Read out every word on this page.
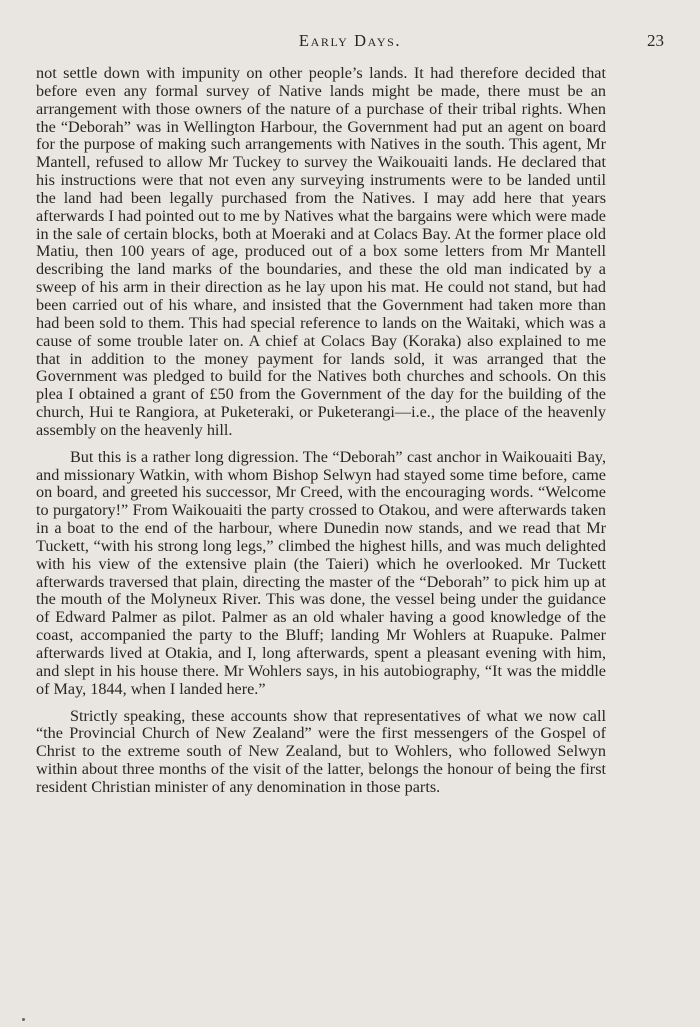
Early Days.	23

not settle down with impunity on other people’s lands. It had therefore decided that before even any formal survey of Native lands might be made, there must be an arrangement with those owners of the nature of a purchase of their tribal rights. When the “Deborah” was in Wellington Harbour, the Government had put an agent on board for the purpose of making such arrangements with Natives in the south. This agent, Mr Mantell, refused to allow Mr Tuckey to survey the Waikouaiti lands. He declared that his instructions were that not even any surveying instruments were to be landed until the land had been legally purchased from the Natives. I may add here that years afterwards I had pointed out to me by Natives what the bargains were which were made in the sale of certain blocks, both at Moeraki and at Colacs Bay. At the former place old Matiu, then 100 years of age, produced out of a box some letters from Mr Mantell describing the land marks of the boundaries, and these the old man indicated by a sweep of his arm in their direction as he lay upon his mat. He could not stand, but had been carried out of his whare, and insisted that the Government had taken more than had been sold to them. This had special reference to lands on the Waitaki, which was a cause of some trouble later on. A chief at Colacs Bay (Koraka) also explained to me that in addition to the money payment for lands sold, it was arranged that the Government was pledged to build for the Natives both churches and schools. On this plea I obtained a grant of £50 from the Government of the day for the building of the church, Hui te Rangiora, at Puketeraki, or Puketerangi—i.e., the place of the heavenly assembly on the heavenly hill.

But this is a rather long digression. The “Deborah” cast anchor in Waikouaiti Bay, and missionary Watkin, with whom Bishop Selwyn had stayed some time before, came on board, and greeted his successor, Mr Creed, with the encouraging words. “Welcome to purgatory!” From Waikouaiti the party crossed to Otakou, and were afterwards taken in a boat to the end of the harbour, where Dunedin now stands, and we read that Mr Tuckett, “with his strong long legs,” climbed the highest hills, and was much delighted with his view of the extensive plain (the Taieri) which he overlooked. Mr Tuckett afterwards traversed that plain, directing the master of the “Deborah” to pick him up at the mouth of the Molyneux River. This was done, the vessel being under the guidance of Edward Palmer as pilot. Palmer as an old whaler having a good knowledge of the coast, accompanied the party to the Bluff; landing Mr Wohlers at Ruapuke. Palmer afterwards lived at Otakia, and I, long afterwards, spent a pleasant evening with him, and slept in his house there. Mr Wohlers says, in his autobiography, “It was the middle of May, 1844, when I landed here.”

Strictly speaking, these accounts show that representatives of what we now call “the Provincial Church of New Zealand” were the first messengers of the Gospel of Christ to the extreme south of New Zealand, but to Wohlers, who followed Selwyn within about three months of the visit of the latter, belongs the honour of being the first resident Christian minister of any denomination in those parts.
